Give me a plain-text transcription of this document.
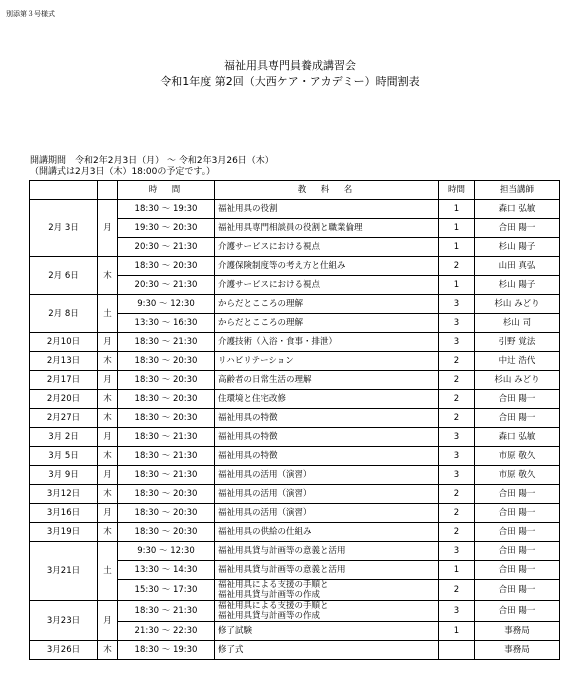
別添第３号様式
福祉用具専門員養成講習会
令和1年度 第2回（大西ケア・アカデミー）時間割表
開講期間　令和2年2月3日（月） ～ 令和2年3月26日（木）
（開講式は2月3日（木）18:00の予定です。）
		時　間	教　科　名	時間	担当講師
2月 3日	月	18:30 ～ 19:30	福祉用具の役割	1	森口 弘敏
		19:30 ～ 20:30	福祉用具専門相談員の役割と職業倫理	1	合田 陽一
		20:30 ～ 21:30	介護サービスにおける視点	1	杉山 陽子
2月 6日	木	18:30 ～ 20:30	介護保険制度等の考え方と仕組み	2	山田 真弘
		20:30 ～ 21:30	介護サービスにおける視点	1	杉山 陽子
2月 8日	土	9:30 ～ 12:30	からだとこころの理解	3	杉山 みどり
		13:30 ～ 16:30	からだとこころの理解	3	杉山 司
2月10日	月	18:30 ～ 21:30	介護技術（入浴・食事・排泄）	3	引野 覚法
2月13日	木	18:30 ～ 20:30	リハビリテーション	2	中辻 浩代
2月17日	月	18:30 ～ 20:30	高齢者の日常生活の理解	2	杉山 みどり
2月20日	木	18:30 ～ 20:30	住環境と住宅改修	2	合田 陽一
2月27日	木	18:30 ～ 20:30	福祉用具の特徴	2	合田 陽一
3月 2日	月	18:30 ～ 21:30	福祉用具の特徴	3	森口 弘敏
3月 5日	木	18:30 ～ 21:30	福祉用具の特徴	3	市原 敬久
3月 9日	月	18:30 ～ 21:30	福祉用具の活用（演習）	3	市原 敬久
3月12日	木	18:30 ～ 20:30	福祉用具の活用（演習）	2	合田 陽一
3月16日	月	18:30 ～ 20:30	福祉用具の活用（演習）	2	合田 陽一
3月19日	木	18:30 ～ 20:30	福祉用具の供給の仕組み	2	合田 陽一
3月21日	土	9:30 ～ 12:30	福祉用具貸与計画等の意義と活用	3	合田 陽一
		13:30 ～ 14:30	福祉用具貸与計画等の意義と活用	1	合田 陽一
		15:30 ～ 17:30	福祉用具による支援の手順と
福祉用具貸与計画等の作成	2	合田 陽一
3月23日	月	18:30 ～ 21:30	福祉用具による支援の手順と
福祉用具貸与計画等の作成	3	合田 陽一
		21:30 ～ 22:30	修了試験	1	事務局
3月26日	木	18:30 ～ 19:30	修了式		事務局
